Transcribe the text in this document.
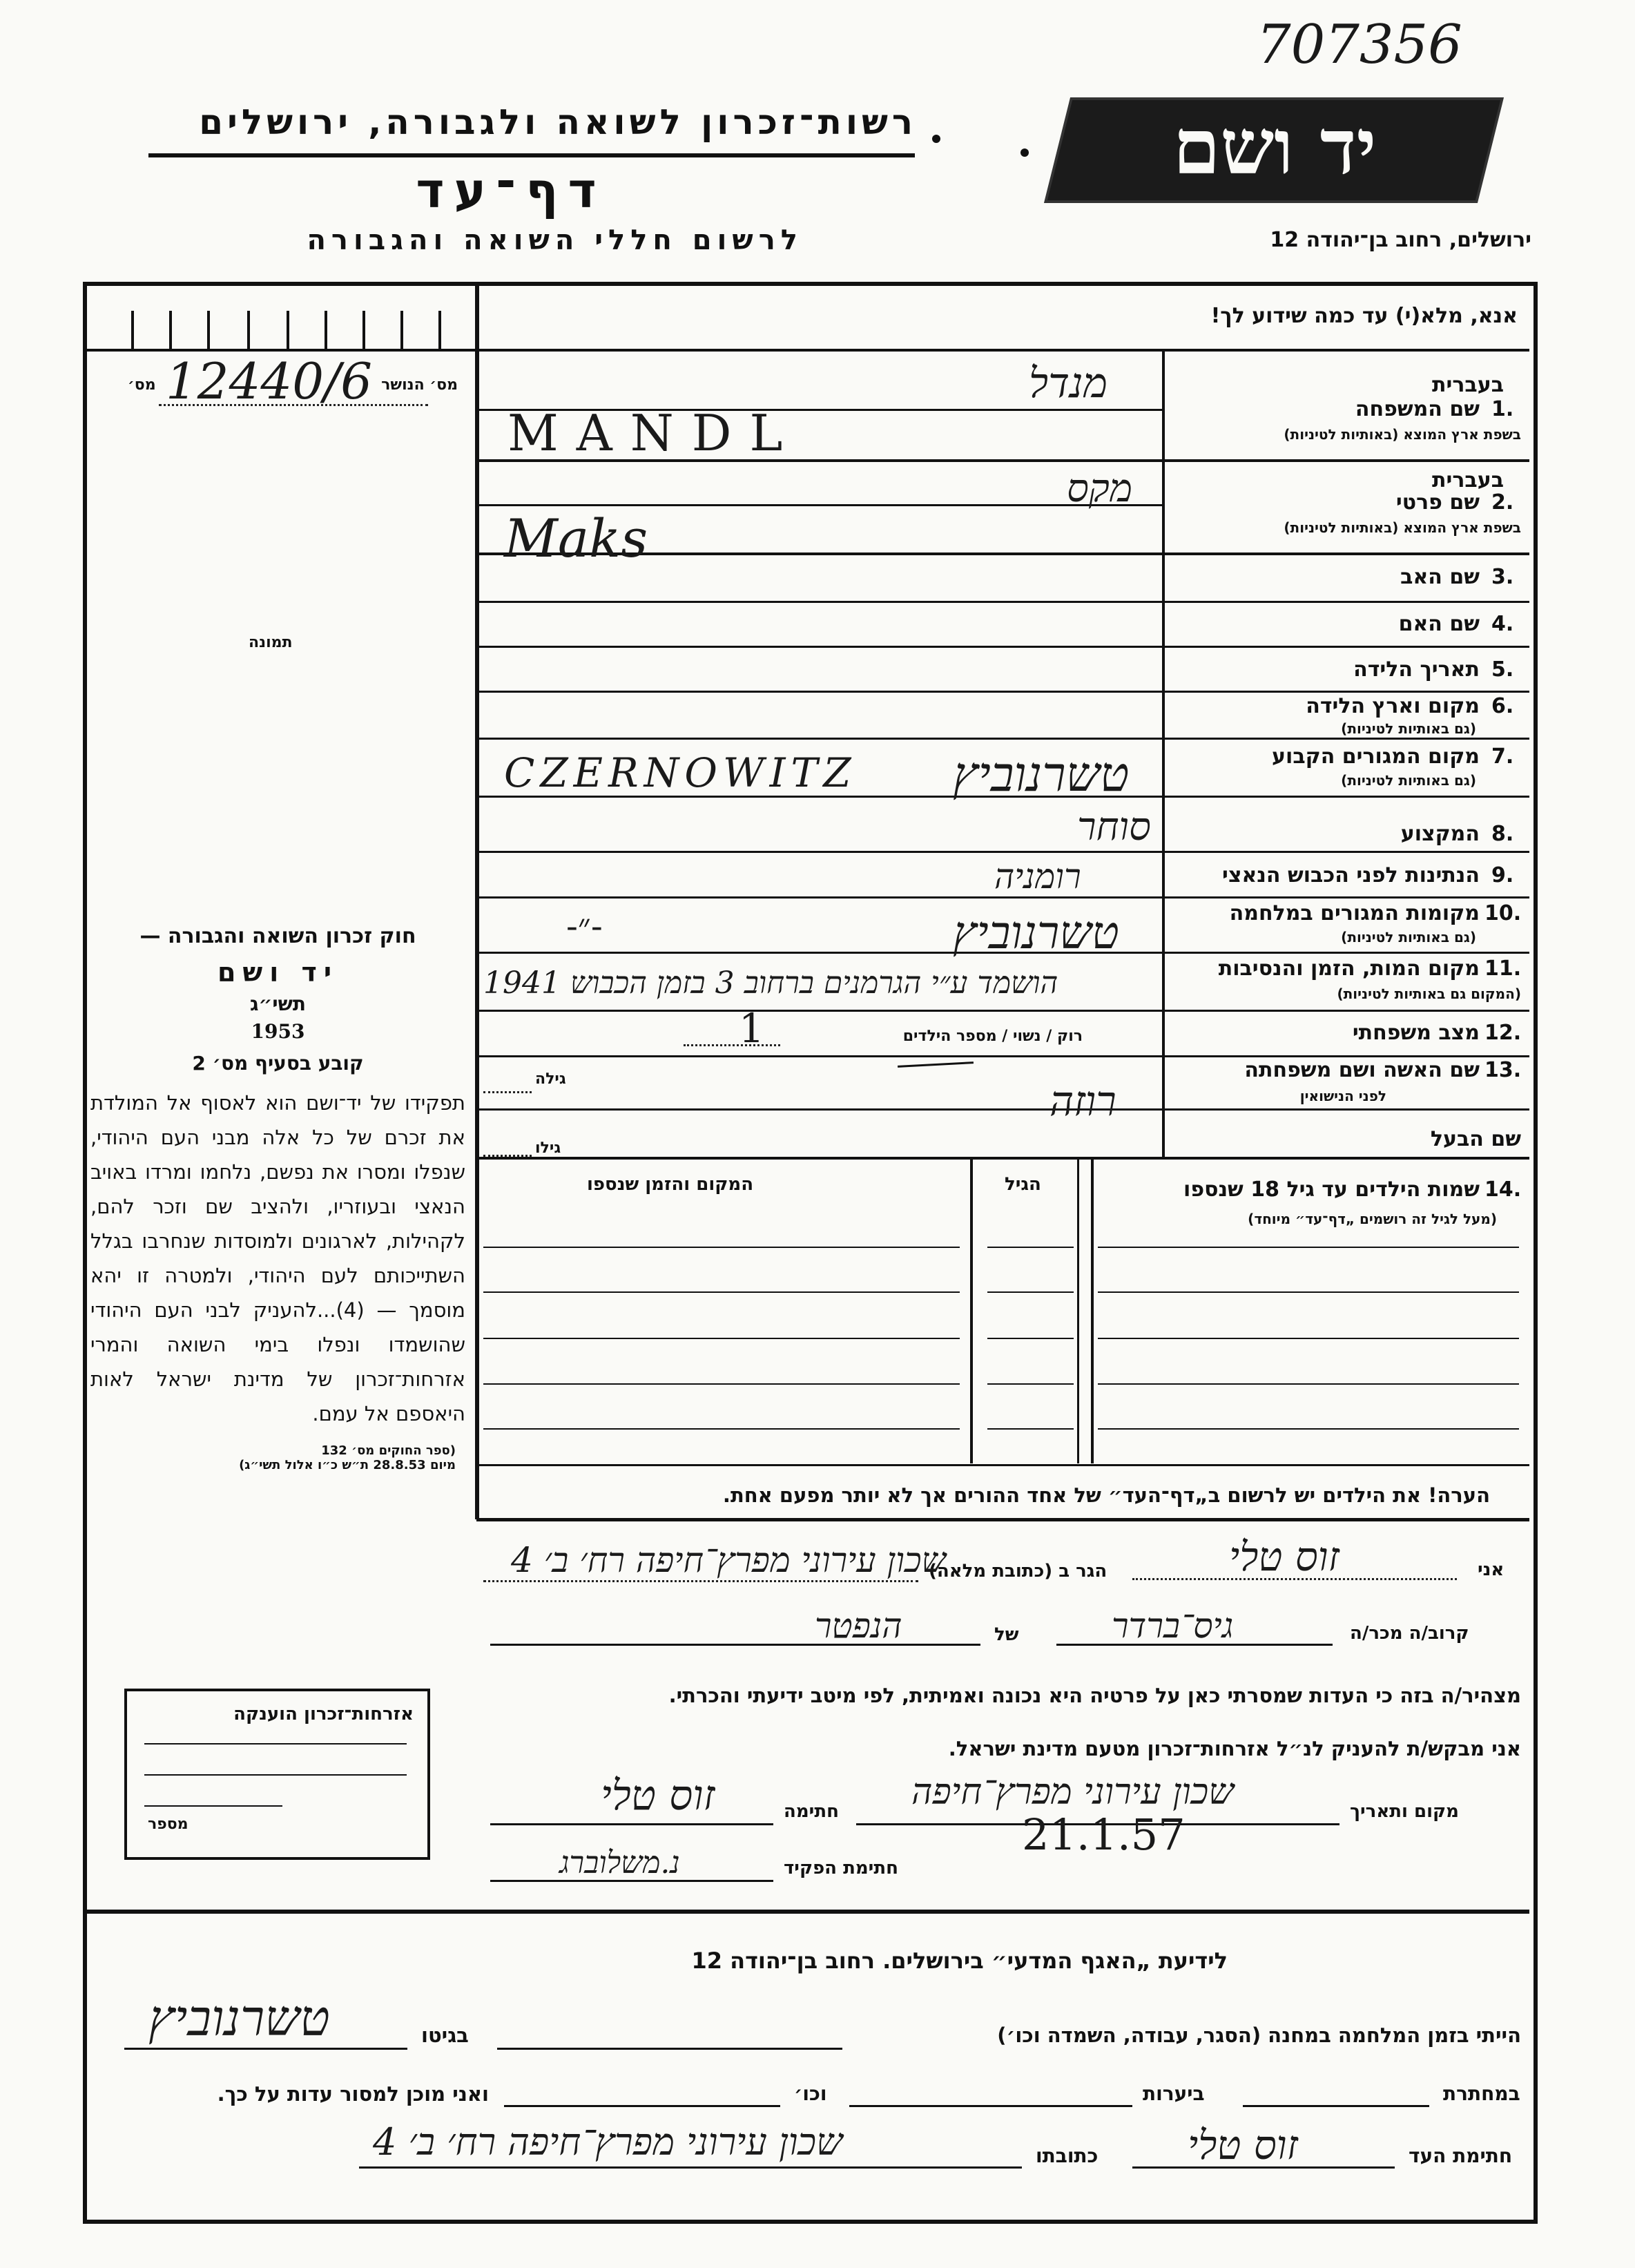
707356
רשות־זכרון לשואה ולגבורה, ירושלים
דף־עד
לרשום חללי השואה והגבורה
יד ושם
ירושלים, רחוב בן־יהודה 12
מס׳ הנושר
מס׳ 12440/6
תמונה
אנא, מלא(י) עד כמה שידוע לך!
בעברית
שם המשפחה 1.
בשפת ארץ המוצא (באותיות לטיניות)
בעברית
שם פרטי 2.
בשפת ארץ המוצא (באותיות לטיניות)
שם האב 3.
שם האם 4.
תאריך הלידה 5.
מקום וארץ הלידה 6.
(גם באותיות לטיניות)
מקום המגורים הקבוע 7.
(גם באותיות לטיניות)
המקצוע 8.
הנתינות לפני הכבוש הנאצי 9.
מקומות המגורים במלחמה 10.
(גם באותיות לטיניות)
מקום המות, הזמן והנסיבות 11.
(המקום גם באותיות לטיניות)
מצב משפחתי 12.
רוק / נשוי / מספר הילדים
שם האשה ושם משפחתה 13.
לפני הנישואין
גילה
שם הבעל
גילו
מנדל
MANDL
מקס
Maks
CZERNOWITZ טשרנוביץ
סוחר
רומניה
-״-	טשרנוביץ
הושמד ע״י הגרמנים ברחוב 3 בזמן הכבוש 1941
1
רוזה
שמות הילדים עד גיל 18 שנספו 14.
(מעל לגיל זה רושמים „דף־עד״ מיוחד)
הגיל
המקום והזמן שנספו
הערה! את הילדים יש לרשום ב„דף־העד״ של אחד ההורים אך לא יותר מפעם אחת.
חוק זכרון השואה והגבורה —
יד ושם
תשי״ג
1953
קובע בסעיף מס׳ 2
תפקידו של יד־ושם הוא לאסוף אל המולדת את זכרם של כל אלה מבני העם היהודי, שנפלו ומסרו את נפשם, נלחמו ומרדו באויב הנאצי ובעוזריו, ולהציב שם וזכר להם, לקהילות, לארגונים ולמוסדות שנחרבו בגלל השתייכותם לעם היהודי, ולמטרה זו יהא מוסמך — (4)...להעניק לבני העם היהודי שהושמדו ונפלו בימי השואה והמרי אזרחות־זכרון של מדינת ישראל לאות היאספם אל עמם.
(ספר החוקים מס׳ 132
מיום 28.8.53 ת״ש כ״ו אלול תשי״ג)
אני
זוס טלי
הגר ב (כתובת מלאה)
שכון עירוני מפרץ־חיפה רח׳ ב׳ 4
קרוב/ה מכר/ה
גיס־ברדר
של
הנפטר
מצהיר/ה בזה כי העדות שמסרתי כאן על פרטיה היא נכונה ואמיתית, לפי מיטב ידיעתי והכרתי.
אני מבקש/ת להעניק לנ״ל אזרחות־זכרון מטעם מדינת ישראל.
מקום ותאריך
שכון עירוני מפרץ־חיפה
21.1.57
חתימה
זוס טלי
חתימת הפקיד
נ.משלוברג
אזרחות־זכרון הוענקה
מספר
לידיעת „האגף המדעי״ בירושלים. רחוב בן־יהודה 12
הייתי בזמן המלחמה במחנה (הסגר, עבודה, השמדה וכו׳)
בגיטו
טשרנוביץ
במחתרת
ביערות
וכו׳
ואני מוכן למסור עדות על כך.
חתימת העד
זוס טלי
כתובתו
שכון עירוני מפרץ־חיפה רח׳ ב׳ 4
